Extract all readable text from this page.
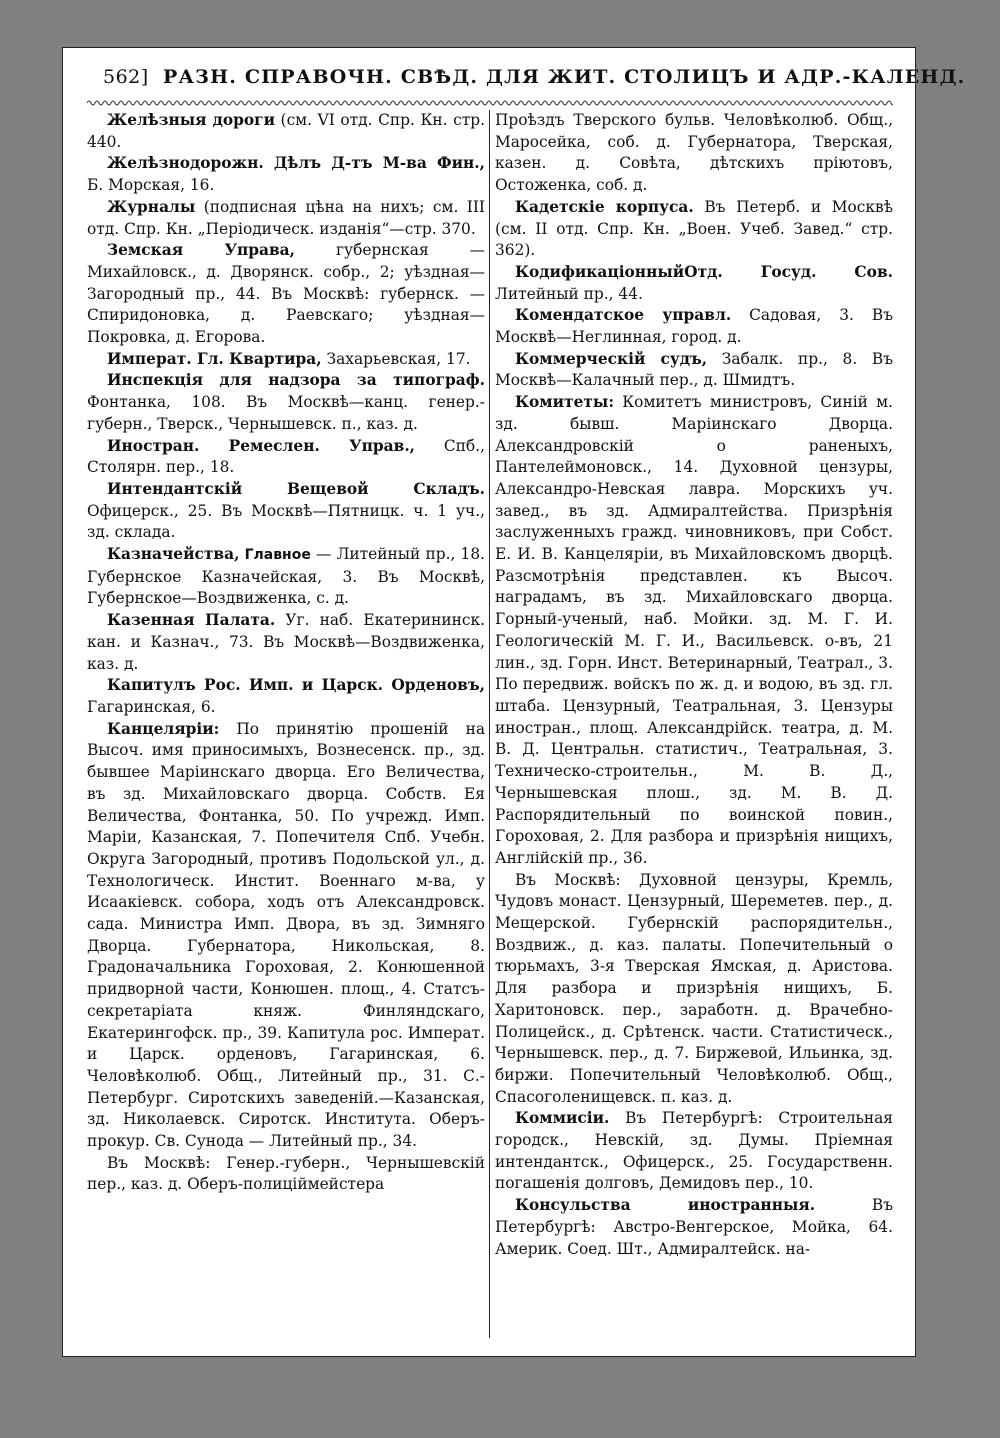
562] РАЗН. СПРАВОЧН. СВѢД. ДЛЯ ЖИТ. СТОЛИЦЪ И АДР.-КАЛЕНД.

Желѣзныя дороги (см. VI отд. Спр. Кн. стр. 440.

Желѣзнодорожн. Дѣлъ Д-тъ М-ва Фин., Б. Морская, 16.

Журналы (подписная цѣна на нихъ; см. III отд. Спр. Кн. „Періодическ. изданія“—стр. 370.

Земская Управа, губернская — Михайловск., д. Дворянск. собр., 2; уѣздная—Загородный пр., 44. Въ Москвѣ: губернск. — Спиридоновка, д. Раевскаго; уѣздная—Покровка, д. Егорова.

Императ. Гл. Квартира, Захарьевская, 17.

Инспекція для надзора за типограф. Фонтанка, 108. Въ Москвѣ—канц. генер.-губерн., Тверск., Чернышевск. п., каз. д.

Иностран. Ремеслен. Управ., Спб., Столярн. пер., 18.

Интендантскій Вещевой Складъ. Офицерск., 25. Въ Москвѣ—Пятницк. ч. 1 уч., зд. склада.

Казначейства, Главное — Литейный пр., 18. Губернское Казначейская, 3. Въ Москвѣ, Губернское—Воздвиженка, с. д.

Казенная Палата. Уг. наб. Екатерининск. кан. и Казнач., 73. Въ Москвѣ—Воздвиженка, каз. д.

Капитулъ Рос. Имп. и Царск. Орденовъ, Гагаринская, 6.

Канцеляріи: По принятію прошеній на Высоч. имя приносимыхъ, Вознесенск. пр., зд. бывшее Маріинскаго дворца. Его Величества, въ зд. Михайловскаго дворца. Собств. Ея Величества, Фонтанка, 50. По учрежд. Имп. Маріи, Казанская, 7. Попечителя Спб. Учебн. Округа Загородный, противъ Подольской ул., д. Технологическ. Инстит. Военнаго м-ва, у Исаакіевск. собора, ходъ отъ Александровск. сада. Министра Имп. Двора, въ зд. Зимняго Дворца. Губернатора, Никольская, 8. Градоначальника Гороховая, 2. Конюшенной придворной части, Конюшен. площ., 4. Статсъ-секретаріата княж. Финляндскаго, Екатерингофск. пр., 39. Капитула рос. Императ. и Царск. орденовъ, Гагаринская, 6. Человѣколюб. Общ., Литейный пр., 31. С.-Петербург. Сиротскихъ заведеній.—Казанская, зд. Николаевск. Сиротск. Института. Оберъ-прокур. Св. Сунода — Литейный пр., 34.

Въ Москвѣ: Генер.-губерн., Чернышевскій пер., каз. д. Оберъ-полицiймейстера

Проѣздъ Тверского бульв. Человѣколюб. Общ., Маросейка, соб. д. Губернатора, Тверская, казен. д. Совѣта, дѣтскихъ пріютовъ, Остоженка, соб. д.

Кадетскіе корпуса. Въ Петерб. и Москвѣ (см. II отд. Спр. Кн. „Воен. Учеб. Завед.“ стр. 362).

КодификаціонныйОтд. Госуд. Сов. Литейный пр., 44.

Комендатское управл. Садовая, 3. Въ Москвѣ—Неглинная, город. д.

Коммерческій судъ, Забалк. пр., 8. Въ Москвѣ—Калачный пер., д. Шмидтъ.

Комитеты: Комитетъ министровъ, Синій м. зд. бывш. Маріинскаго Дворца. Александровскій о раненыхъ, Пантелеймоновск., 14. Духовной цензуры, Александро-Невская лавра. Морскихъ уч. завед., въ зд. Адмиралтейства. Призрѣнія заслуженныхъ гражд. чиновниковъ, при Собст. Е. И. В. Канцеляріи, въ Михайловскомъ дворцѣ. Разсмотрѣнія представлен. къ Высоч. наградамъ, въ зд. Михайловскаго дворца. Горный-ученый, наб. Мойки. зд. М. Г. И. Геологическій М. Г. И., Васильевск. о-въ, 21 лин., зд. Горн. Инст. Ветеринарный, Театрал., 3. По передвиж. войскъ по ж. д. и водою, въ зд. гл. штаба. Цензурный, Театральная, 3. Цензуры иностран., площ. Александрійск. театра, д. М. В. Д. Центральн. статистич., Театральная, 3. Техническо-строительн., М. В. Д., Чернышевская плош., зд. М. В. Д. Распорядительный по воинской повин., Гороховая, 2. Для разбора и призрѣнія нищихъ, Англійскій пр., 36.

Въ Москвѣ: Духовной цензуры, Кремль, Чудовъ монаст. Цензурный, Шереметев. пер., д. Мещерской. Губернскій распорядительн., Воздвиж., д. каз. палаты. Попечительный о тюрьмахъ, 3-я Тверская Ямская, д. Аристова. Для разбора и призрѣнія нищихъ, Б. Харитоновск. пер., заработн. д. Врачебно-Полицейск., д. Срѣтенск. части. Статистическ., Чернышевск. пер., д. 7. Биржевой, Ильинка, зд. биржи. Попечительный Человѣколюб. Общ., Спасоголенищевск. п. каз. д.

Коммисіи. Въ Петербургѣ: Строительная городск., Невскій, зд. Думы. Пріемная интендантск., Офицерск., 25. Государственн. погашенія долговъ, Демидовъ пер., 10.

Консульства иностранныя. Въ Петербургѣ: Австро-Венгерское, Мойка, 64. Америк. Соед. Шт., Адмиралтейск. на-
